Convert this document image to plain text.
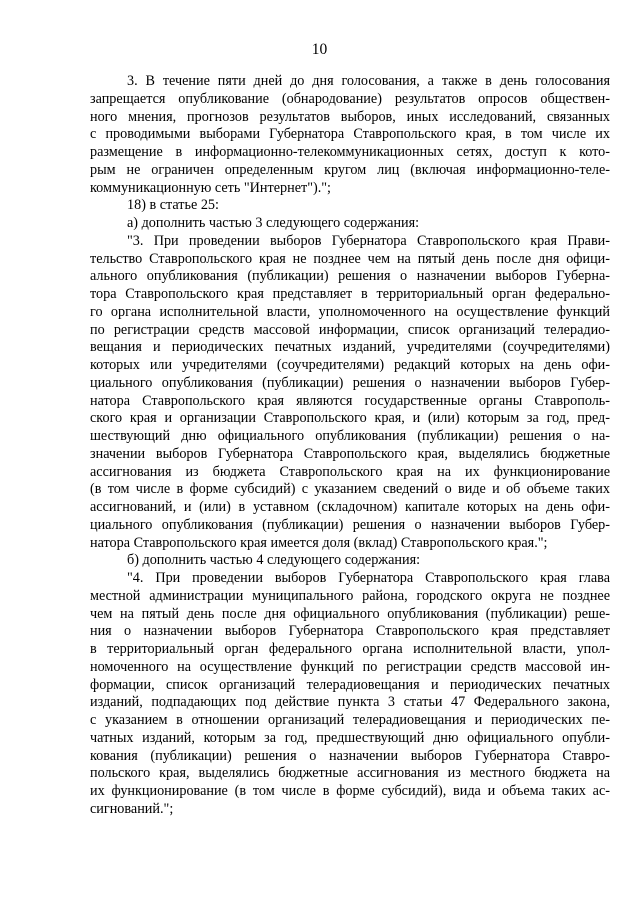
10
3. В течение пяти дней до дня голосования, а также в день голосования
запрещается опубликование (обнародование) результатов опросов обществен-
ного мнения, прогнозов результатов выборов, иных исследований, связанных
с проводимыми выборами Губернатора Ставропольского края, в том числе их
размещение в информационно-телекоммуникационных сетях, доступ к кото-
рым не ограничен определенным кругом лиц (включая информационно-теле-
коммуникационную сеть "Интернет").";
18) в статье 25:
а) дополнить частью 3 следующего содержания:
"3. При проведении выборов Губернатора Ставропольского края Прави-
тельство Ставропольского края не позднее чем на пятый день после дня офици-
ального опубликования (публикации) решения о назначении выборов Губерна-
тора Ставропольского края представляет в территориальный орган федерально-
го органа исполнительной власти, уполномоченного на осуществление функций
по регистрации средств массовой информации, список организаций телерадио-
вещания и периодических печатных изданий, учредителями (соучредителями)
которых или учредителями (соучредителями) редакций которых на день офи-
циального опубликования (публикации) решения о назначении выборов Губер-
натора Ставропольского края являются государственные органы Ставрополь-
ского края и организации Ставропольского края, и (или) которым за год, пред-
шествующий дню официального опубликования (публикации) решения о на-
значении выборов Губернатора Ставропольского края, выделялись бюджетные
ассигнования из бюджета Ставропольского края на их функционирование
(в том числе в форме субсидий) с указанием сведений о виде и об объеме таких
ассигнований, и (или) в уставном (складочном) капитале которых на день офи-
циального опубликования (публикации) решения о назначении выборов Губер-
натора Ставропольского края имеется доля (вклад) Ставропольского края.";
б) дополнить частью 4 следующего содержания:
"4. При проведении выборов Губернатора Ставропольского края глава
местной администрации муниципального района, городского округа не позднее
чем на пятый день после дня официального опубликования (публикации) реше-
ния о назначении выборов Губернатора Ставропольского края представляет
в территориальный орган федерального органа исполнительной власти, упол-
номоченного на осуществление функций по регистрации средств массовой ин-
формации, список организаций телерадиовещания и периодических печатных
изданий, подпадающих под действие пункта 3 статьи 47 Федерального закона,
с указанием в отношении организаций телерадиовещания и периодических пе-
чатных изданий, которым за год, предшествующий дню официального опубли-
кования (публикации) решения о назначении выборов Губернатора Ставро-
польского края, выделялись бюджетные ассигнования из местного бюджета на
их функционирование (в том числе в форме субсидий), вида и объема таких ас-
сигнований.";
